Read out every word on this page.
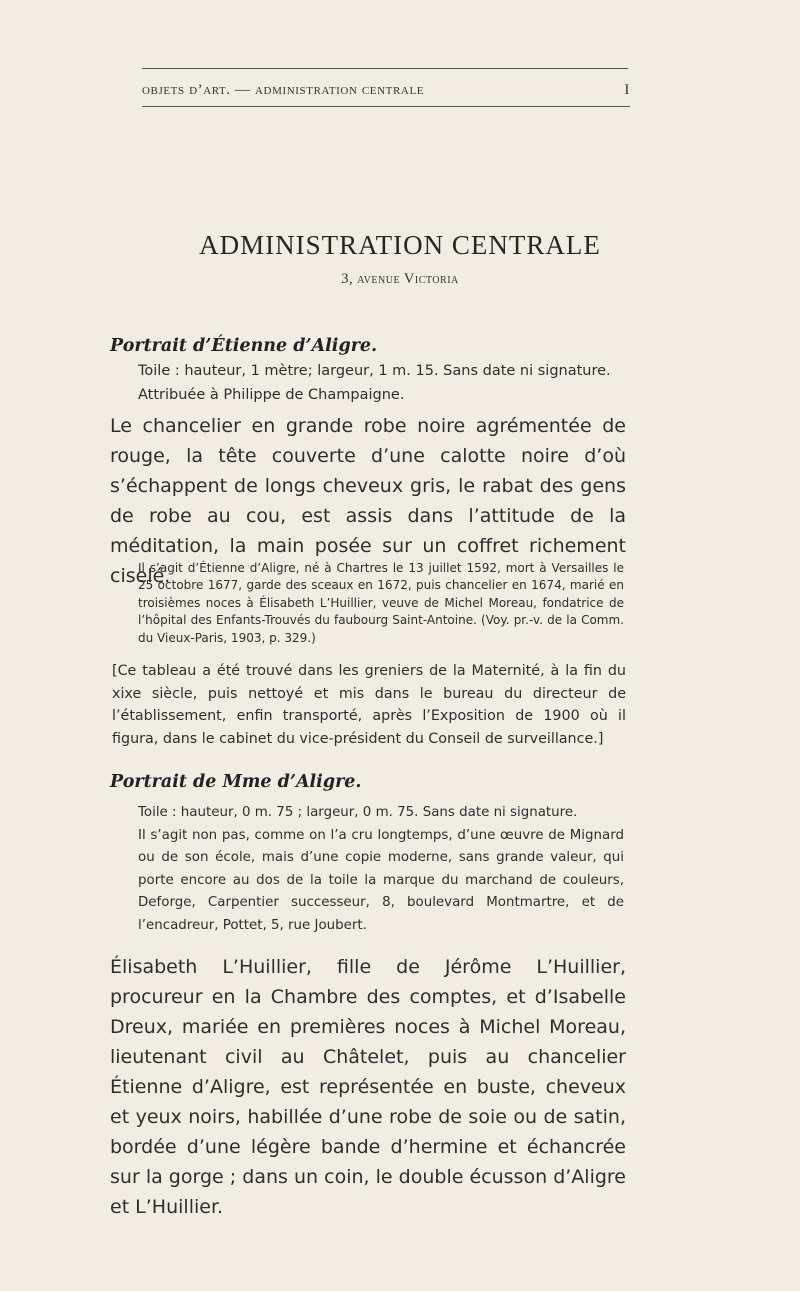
objets d’art. — administration centrale	I
ADMINISTRATION CENTRALE
3, avenue Victoria
Portrait d’Étienne d’Aligre.
Toile : hauteur, 1 mètre; largeur, 1 m. 15. Sans date ni signature.
Attribuée à Philippe de Champaigne.
Le chancelier en grande robe noire agrémentée de rouge, la tête couverte d’une calotte noire d’où s’échappent de longs cheveux gris, le rabat des gens de robe au cou, est assis dans l’attitude de la méditation, la main posée sur un coffret richement ciselé.
Il s’agit d’Étienne d’Aligre, né à Chartres le 13 juillet 1592, mort à Versailles le 25 octobre 1677, garde des sceaux en 1672, puis chancelier en 1674, marié en troisièmes noces à Élisabeth L’Huillier, veuve de Michel Moreau, fondatrice de l’hôpital des Enfants-Trouvés du faubourg Saint-Antoine. (Voy. pr.-v. de la Comm. du Vieux-Paris, 1903, p. 329.)
[Ce tableau a été trouvé dans les greniers de la Maternité, à la fin du xixe siècle, puis nettoyé et mis dans le bureau du directeur de l’établissement, enfin transporté, après l’Exposition de 1900 où il figura, dans le cabinet du vice-président du Conseil de surveillance.]
Portrait de Mme d’Aligre.
Toile : hauteur, 0 m. 75 ; largeur, 0 m. 75. Sans date ni signature.
Il s’agit non pas, comme on l’a cru longtemps, d’une œuvre de Mignard ou de son école, mais d’une copie moderne, sans grande valeur, qui porte encore au dos de la toile la marque du marchand de couleurs, Deforge, Carpentier successeur, 8, boulevard Montmartre, et de l’encadreur, Pottet, 5, rue Joubert.
Élisabeth L’Huillier, fille de Jérôme L’Huillier, procureur en la Chambre des comptes, et d’Isabelle Dreux, mariée en premières noces à Michel Moreau, lieutenant civil au Châtelet, puis au chancelier Étienne d’Aligre, est représentée en buste, cheveux et yeux noirs, habillée d’une robe de soie ou de satin, bordée d’une légère bande d’hermine et échancrée sur la gorge ; dans un coin, le double écusson d’Aligre et L’Huillier.
